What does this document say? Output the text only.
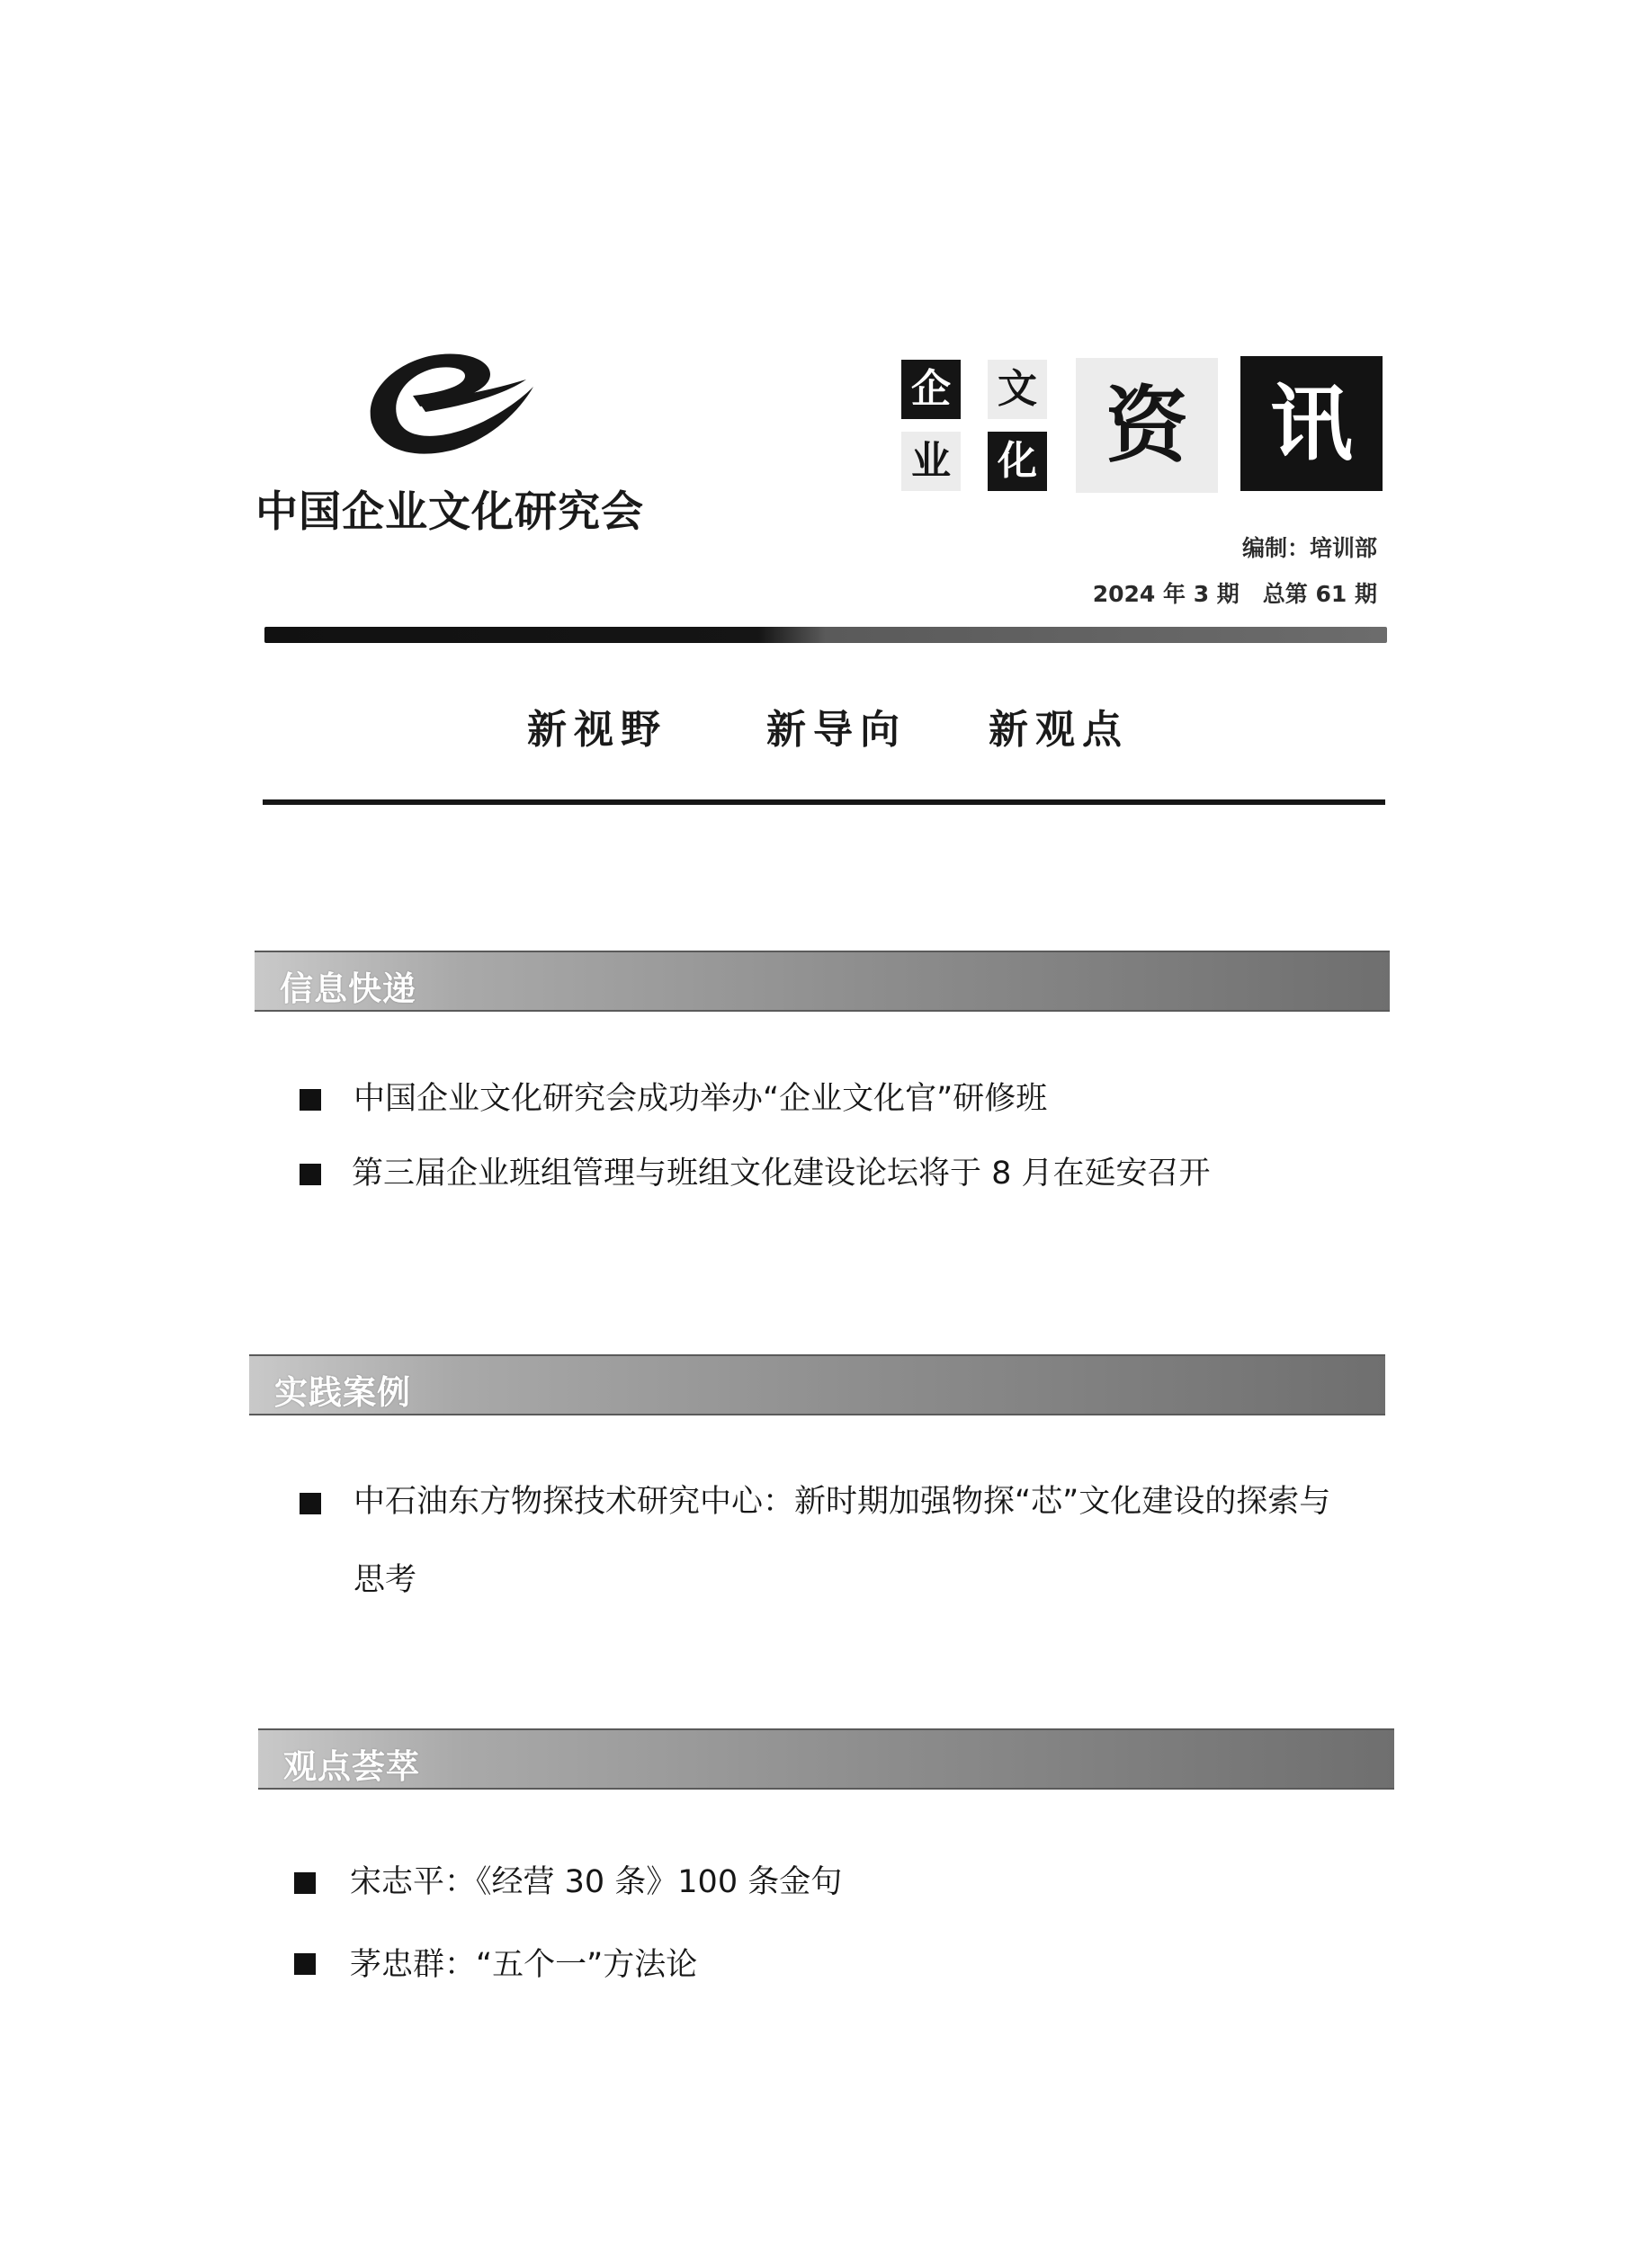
中国企业文化研究会
企 文
业 化 资 讯
编制：培训部
2024 年 3 期 总第 61 期
新视野	新导向 新观点
信息快递
中国企业文化研究会成功举办“企业文化官”研修班
第三届企业班组管理与班组文化建设论坛将于 8 月在延安召开
实践案例
中石油东方物探技术研究中心：新时期加强物探“芯”文化建设的探索与
思考
观点荟萃
宋志平：《经营 30 条》100 条金句
茅忠群：“五个一”方法论
